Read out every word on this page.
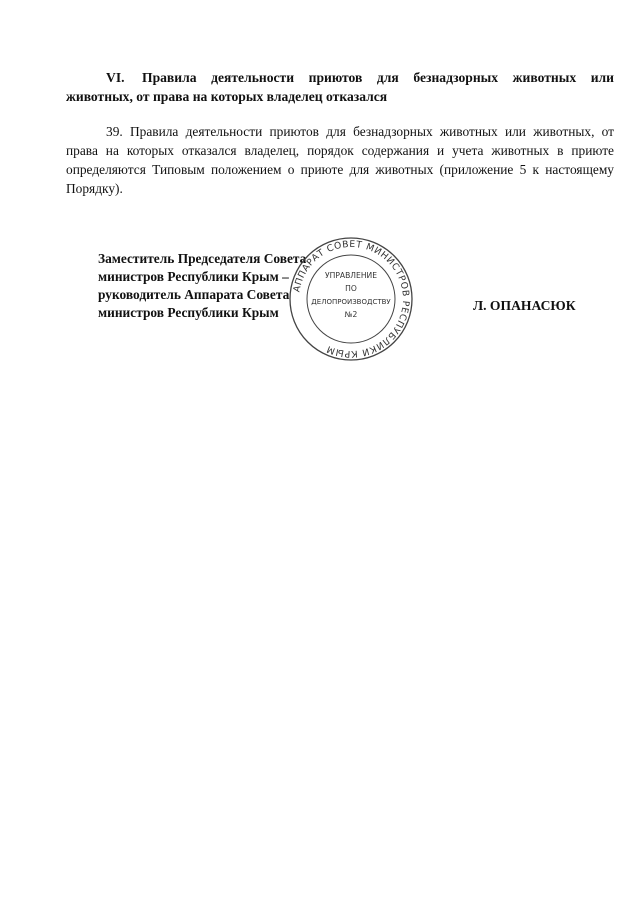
VI. Правила деятельности приютов для безнадзорных животных или животных, от права на которых владелец отказался
39. Правила деятельности приютов для безнадзорных животных или животных, от права на которых отказался владелец, порядок содержания и учета животных в приюте определяются Типовым положением о приюте для животных (приложение 5 к настоящему Порядку).
Заместитель Председателя Совета
министров Республики Крым –
руководитель Аппарата Совета
министров Республики Крым
АППАРАТ СОВЕТ МИНИСТРОВ РЕСПУБЛИКИ КРЫМ
УПРАВЛЕНИЕ
ПО
ДЕЛОПРОИЗВОДСТВУ
№2
Л. ОПАНАСЮК
